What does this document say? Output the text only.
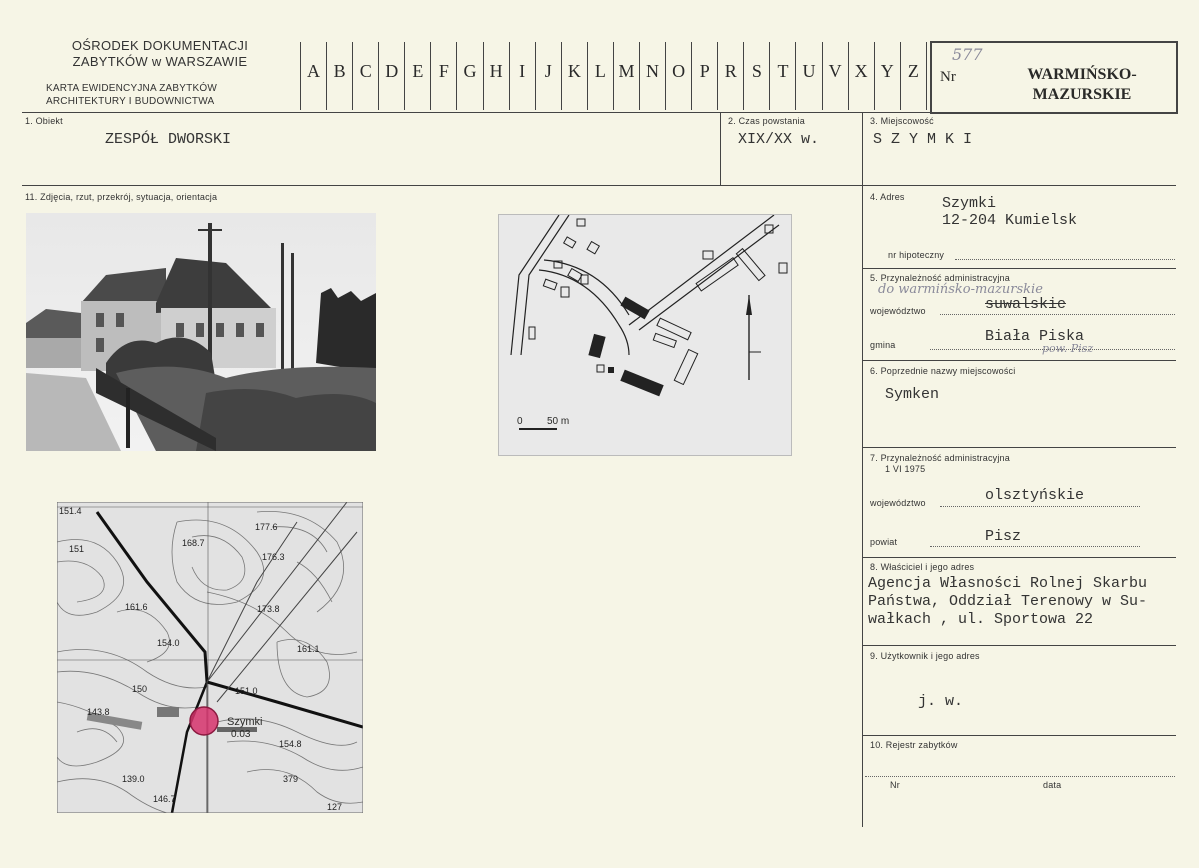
OŚRODEK DOKUMENTACJI
ZABYTKÓW w WARSZAWIE
KARTA EWIDENCYJNA ZABYTKÓW
ARCHITEKTURY I BUDOWNICTWA
A B C D E F G H I	J K L M N O P R S T U V X Y Z	Nr
577
WARMIŃSKO-
MAZURSKIE
1. Obiekt
ZESPÓŁ DWORSKI
2. Czas powstania
XIX/XX w.
3. Miejscowość
S Z Y M K I
11. Zdjęcia, rzut, przekrój, sytuacja, orientacja
0 50 m
Szymki
0.03
151.4
151
168.7
177.6
176.3
161.6	173.8
154.0
161.1
150	151.0
143.8
154.8
139.0
146.7
379
127
4. Adres Szymki
12-204 Kumielsk
nr hipoteczny
5. Przynależność administracyjna
do warmińsko-mazurskie
województwo	suwalskie
gmina	Biała Piska
pow. Pisz
6. Poprzednie nazwy miejscowości
Symken
7. Przynależność administracyjna
1 VI 1975
województwo	olsztyńskie
powiat	Pisz
8. Właściciel i jego adres
Agencja Własności Rolnej Skarbu
Państwa, Oddział Terenowy w Su-
wałkach , ul. Sportowa 22
9. Użytkownik i jego adres
j. w.
10. Rejestr zabytków
Nr	data
